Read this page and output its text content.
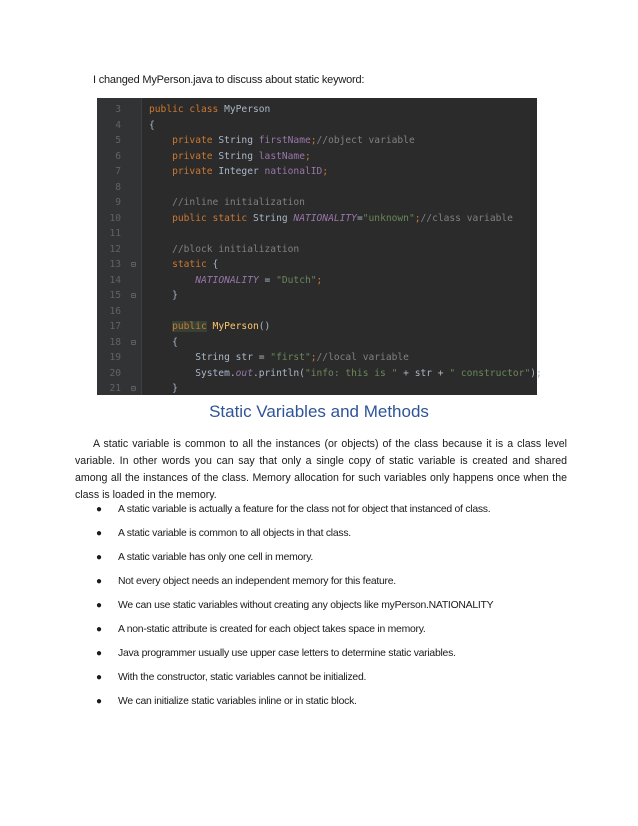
I changed MyPerson.java to discuss about static keyword:
3	public class MyPerson
4	{
5	private String firstName;//object variable
6	private String lastName;
7	private Integer nationalID;
8
9	//inline initialization
10	public static String NATIONALITY="unknown";//class variable
11
12	//block initialization
13 ⊟	static {
14	NATIONALITY = "Dutch";
15 ⊟ }
16
17	public MyPerson()
18 ⊟ {
19	String str = "first";//local variable
20	System.out.println("info: this is " + str + " constructor");
21 ⊟ }
Static Variables and Methods

A static variable is common to all the instances (or objects) of the class because it is a class level variable. In other words you can say that only a single copy of static variable is created and shared among all the instances of the class. Memory allocation for such variables only happens once when the class is loaded in the memory.

● A static variable is actually a feature for the class not for object that instanced of class.
● A static variable is common to all objects in that class.
● A static variable has only one cell in memory.
● Not every object needs an independent memory for this feature.
● We can use static variables without creating any objects like myPerson.NATIONALITY
● A non-static attribute is created for each object takes space in memory.
● Java programmer usually use upper case letters to determine static variables.
● With the constructor, static variables cannot be initialized.
● We can initialize static variables inline or in static block.
